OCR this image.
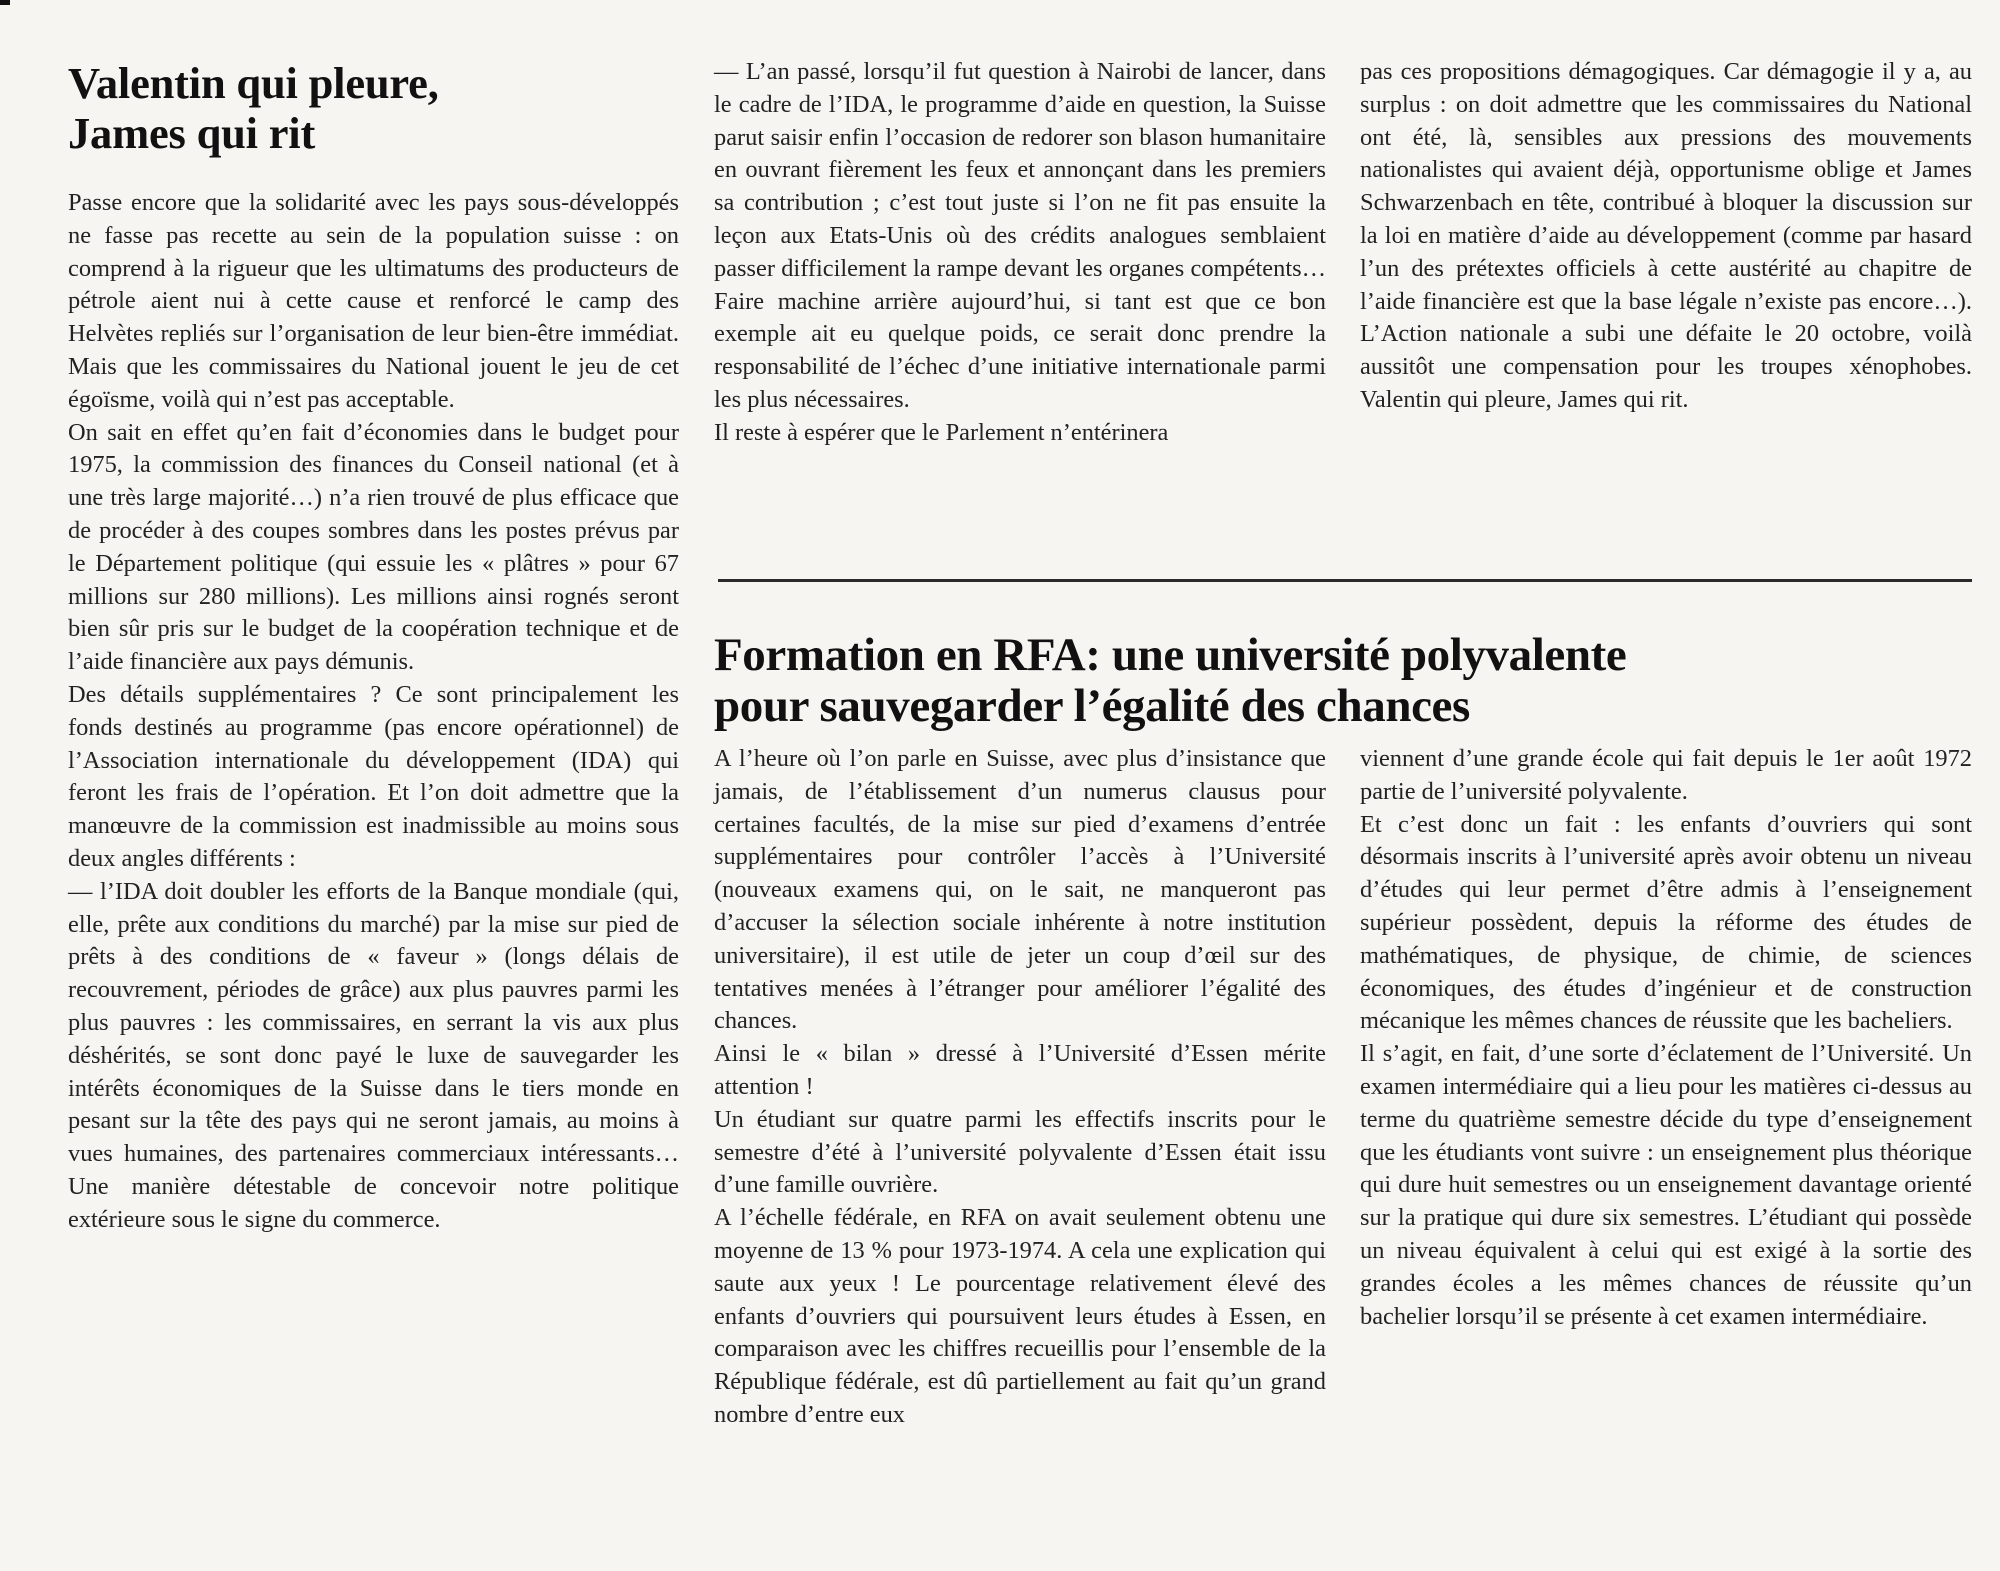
Valentin qui pleure,
James qui rit

Passe encore que la solidarité avec les pays sous-développés ne fasse pas recette au sein de la population suisse : on comprend à la rigueur que les ultimatums des producteurs de pétrole aient nui à cette cause et renforcé le camp des Helvètes repliés sur l’organisation de leur bien-être immédiat. Mais que les commissaires du National jouent le jeu de cet égoïsme, voilà qui n’est pas acceptable.

On sait en effet qu’en fait d’économies dans le budget pour 1975, la commission des finances du Conseil national (et à une très large majorité…) n’a rien trouvé de plus efficace que de procéder à des coupes sombres dans les postes prévus par le Département politique (qui essuie les « plâtres » pour 67 millions sur 280 millions). Les millions ainsi rognés seront bien sûr pris sur le budget de la coopération technique et de l’aide financière aux pays démunis.

Des détails supplémentaires ? Ce sont principalement les fonds destinés au programme (pas encore opérationnel) de l’Association internationale du développement (IDA) qui feront les frais de l’opération. Et l’on doit admettre que la manœuvre de la commission est inadmissible au moins sous deux angles différents :

— l’IDA doit doubler les efforts de la Banque mondiale (qui, elle, prête aux conditions du marché) par la mise sur pied de prêts à des conditions de « faveur » (longs délais de recouvrement, périodes de grâce) aux plus pauvres parmi les plus pauvres : les commissaires, en serrant la vis aux plus déshérités, se sont donc payé le luxe de sauvegarder les intérêts économiques de la Suisse dans le tiers monde en pesant sur la tête des pays qui ne seront jamais, au moins à vues humaines, des partenaires commerciaux intéressants… Une manière détestable de concevoir notre politique extérieure sous le signe du commerce.

— L’an passé, lorsqu’il fut question à Nairobi de lancer, dans le cadre de l’IDA, le programme d’aide en question, la Suisse parut saisir enfin l’occasion de redorer son blason humanitaire en ouvrant fièrement les feux et annonçant dans les premiers sa contribution ; c’est tout juste si l’on ne fit pas ensuite la leçon aux Etats-Unis où des crédits analogues semblaient passer difficilement la rampe devant les organes compétents… Faire machine arrière aujourd’hui, si tant est que ce bon exemple ait eu quelque poids, ce serait donc prendre la responsabilité de l’échec d’une initiative internationale parmi les plus nécessaires.

Il reste à espérer que le Parlement n’entérinera

pas ces propositions démagogiques. Car démagogie il y a, au surplus : on doit admettre que les commissaires du National ont été, là, sensibles aux pressions des mouvements nationalistes qui avaient déjà, opportunisme oblige et James Schwarzenbach en tête, contribué à bloquer la discussion sur la loi en matière d’aide au développement (comme par hasard l’un des prétextes officiels à cette austérité au chapitre de l’aide financière est que la base légale n’existe pas encore…). L’Action nationale a subi une défaite le 20 octobre, voilà aussitôt une compensation pour les troupes xénophobes. Valentin qui pleure, James qui rit.

Formation en RFA: une université polyvalente
pour sauvegarder l’égalité des chances

A l’heure où l’on parle en Suisse, avec plus d’insistance que jamais, de l’établissement d’un numerus clausus pour certaines facultés, de la mise sur pied d’examens d’entrée supplémentaires pour contrôler l’accès à l’Université (nouveaux examens qui, on le sait, ne manqueront pas d’accuser la sélection sociale inhérente à notre institution universitaire), il est utile de jeter un coup d’œil sur des tentatives menées à l’étranger pour améliorer l’égalité des chances.

Ainsi le « bilan » dressé à l’Université d’Essen mérite attention !

Un étudiant sur quatre parmi les effectifs inscrits pour le semestre d’été à l’université polyvalente d’Essen était issu d’une famille ouvrière.

A l’échelle fédérale, en RFA on avait seulement obtenu une moyenne de 13 % pour 1973-1974. A cela une explication qui saute aux yeux ! Le pourcentage relativement élevé des enfants d’ouvriers qui poursuivent leurs études à Essen, en comparaison avec les chiffres recueillis pour l’ensemble de la République fédérale, est dû partiellement au fait qu’un grand nombre d’entre eux

viennent d’une grande école qui fait depuis le 1er août 1972 partie de l’université polyvalente.

Et c’est donc un fait : les enfants d’ouvriers qui sont désormais inscrits à l’université après avoir obtenu un niveau d’études qui leur permet d’être admis à l’enseignement supérieur possèdent, depuis la réforme des études de mathématiques, de physique, de chimie, de sciences économiques, des études d’ingénieur et de construction mécanique les mêmes chances de réussite que les bacheliers.

Il s’agit, en fait, d’une sorte d’éclatement de l’Université. Un examen intermédiaire qui a lieu pour les matières ci-dessus au terme du quatrième semestre décide du type d’enseignement que les étudiants vont suivre : un enseignement plus théorique qui dure huit semestres ou un enseignement davantage orienté sur la pratique qui dure six semestres. L’étudiant qui possède un niveau équivalent à celui qui est exigé à la sortie des grandes écoles a les mêmes chances de réussite qu’un bachelier lorsqu’il se présente à cet examen intermédiaire.
